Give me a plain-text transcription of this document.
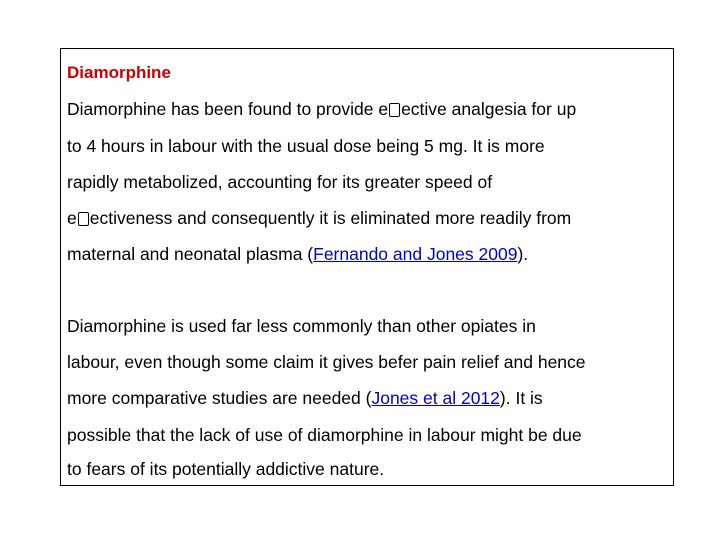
Diamorphine
Diamorphine has been found to provide e ective analgesia for up
to 4 hours in labour with the usual dose being 5 mg. It is more
rapidly metabolized, accounting for its greater speed of
e ectiveness and consequently it is eliminated more readily from
maternal and neonatal plasma (Fernando and Jones 2009).
Diamorphine is used far less commonly than other opiates in
labour, even though some claim it gives befer pain relief and hence
more comparative studies are needed (Jones et al 2012). It is
possible that the lack of use of diamorphine in labour might be due
to fears of its potentially addictive nature.
